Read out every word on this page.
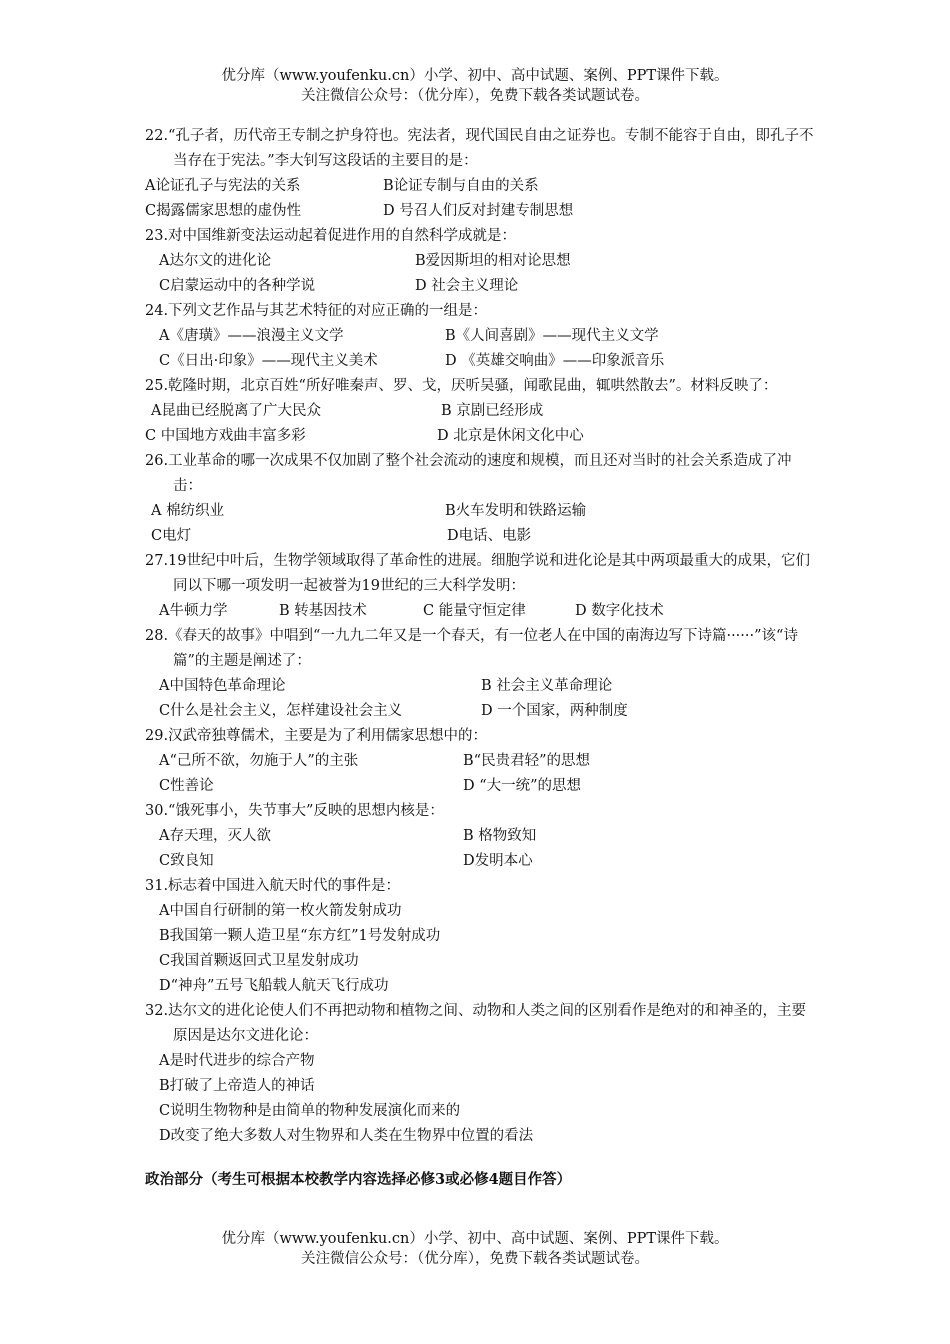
优分库（www.youfenku.cn）小学、初中、高中试题、案例、PPT课件下载。
关注微信公众号：（优分库），免费下载各类试题试卷。
22.“孔子者，历代帝王专制之护身符也。宪法者，现代国民自由之证券也。专制不能容于自由，即孔子不当存在于宪法。”李大钊写这段话的主要目的是：
A论证孔子与宪法的关系	B论证专制与自由的关系
C揭露儒家思想的虚伪性	D 号召人们反对封建专制思想
23.对中国维新变法运动起着促进作用的自然科学成就是：
A达尔文的进化论	B爱因斯坦的相对论思想
C启蒙运动中的各种学说	D 社会主义理论
24.下列文艺作品与其艺术特征的对应正确的一组是：
A《唐璜》——浪漫主义文学	B《人间喜剧》——现代主义文学
C《日出·印象》——现代主义美术	D 《英雄交响曲》——印象派音乐
25.乾隆时期，北京百姓“所好唯秦声、罗、戈，厌听吴骚，闻歌昆曲，辄哄然散去”。材料反映了：
A昆曲已经脱离了广大民众	B 京剧已经形成
C 中国地方戏曲丰富多彩	D 北京是休闲文化中心
26.工业革命的哪一次成果不仅加剧了整个社会流动的速度和规模，而且还对当时的社会关系造成了冲击：
A 棉纺织业	B火车发明和铁路运输
C电灯	D电话、电影
27.19世纪中叶后，生物学领域取得了革命性的进展。细胞学说和进化论是其中两项最重大的成果，它们同以下哪一项发明一起被誉为19世纪的三大科学发明：
A牛顿力学	B 转基因技术	C 能量守恒定律	D 数字化技术
28.《春天的故事》中唱到“一九九二年又是一个春天，有一位老人在中国的南海边写下诗篇······”该“诗篇”的主题是阐述了：
A中国特色革命理论	B 社会主义革命理论
C什么是社会主义，怎样建设社会主义	D 一个国家，两种制度
29.汉武帝独尊儒术，主要是为了利用儒家思想中的：
A“己所不欲，勿施于人”的主张	B“民贵君轻”的思想
C性善论	D “大一统”的思想
30.“饿死事小，失节事大”反映的思想内核是：
A存天理，灭人欲	B 格物致知
C致良知	D发明本心
31.标志着中国进入航天时代的事件是：
A中国自行研制的第一枚火箭发射成功
B我国第一颗人造卫星“东方红”1号发射成功
C我国首颗返回式卫星发射成功
D“神舟”五号飞船载人航天飞行成功
32.达尔文的进化论使人们不再把动物和植物之间、动物和人类之间的区别看作是绝对的和神圣的，主要原因是达尔文进化论：
A是时代进步的综合产物
B打破了上帝造人的神话
C说明生物物种是由简单的物种发展演化而来的
D改变了绝大多数人对生物界和人类在生物界中位置的看法
政治部分（考生可根据本校教学内容选择必修3或必修4题目作答）
优分库（www.youfenku.cn）小学、初中、高中试题、案例、PPT课件下载。
关注微信公众号：（优分库），免费下载各类试题试卷。
